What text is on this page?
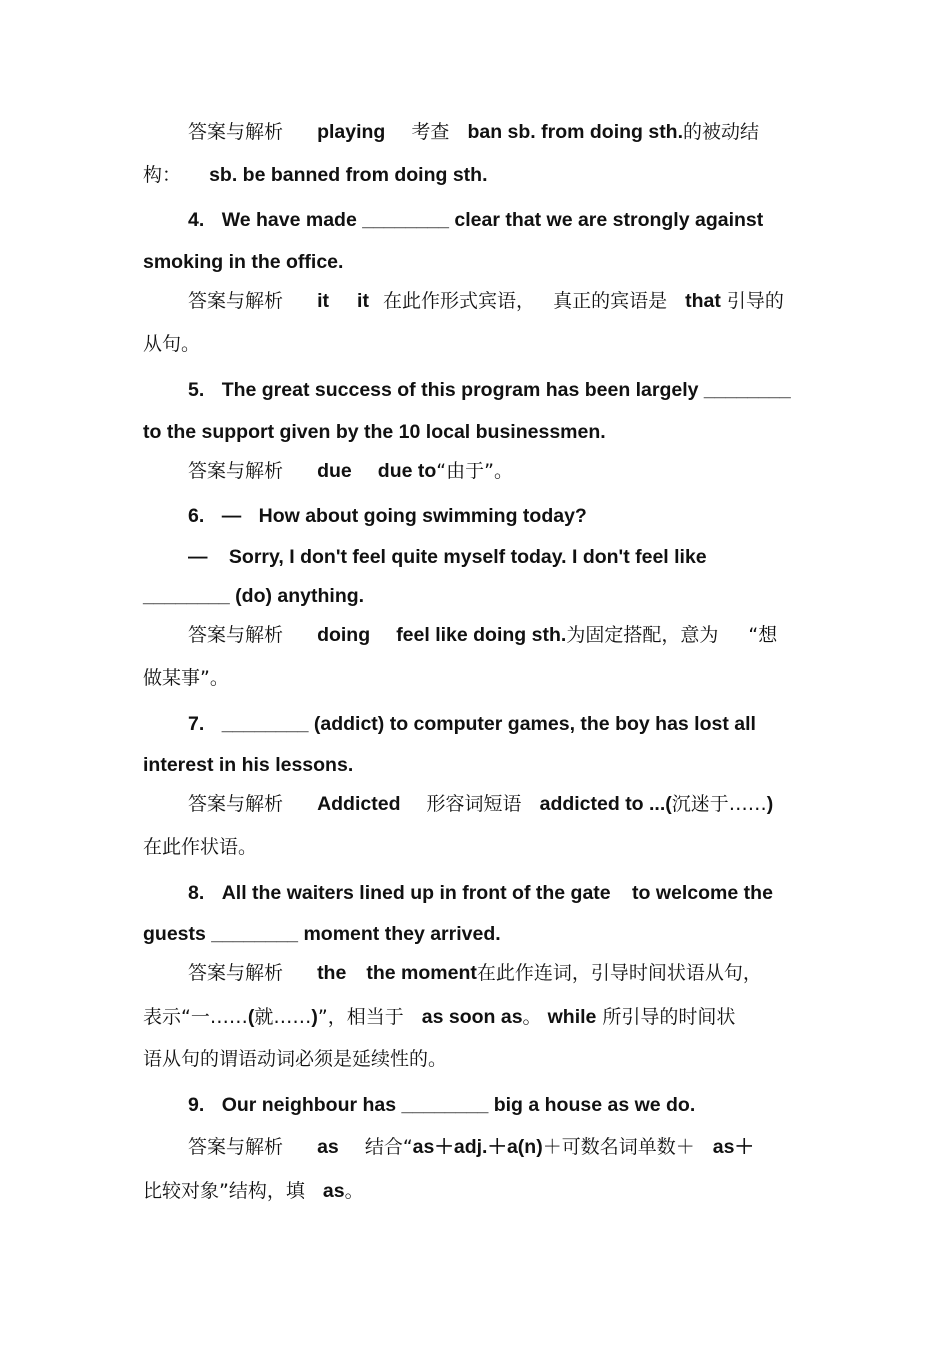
答案与解析 playing 考查 ban sb. from doing sth.的被动结
构： sb. be banned from doing sth.
4. We have made ________ clear that we are strongly against
smoking in the office.
答案与解析 it it 在此作形式宾语， 真正的宾语是 that 引导的
从句。
5. The great success of this program has been largely ________
to the support given by the 10 local businessmen.
答案与解析 due due to“由于”。
6. — How about going swimming today?
— Sorry, I don't feel quite myself today. I don't feel like
________ (do) anything.
答案与解析 doing feel like doing sth.为固定搭配，意为 “想
做某事”。
7. ________ (addict) to computer games, the boy has lost all
interest in his lessons.
答案与解析 Addicted 形容词短语 addicted to ...(沉迷于……)
在此作状语。
8. All the waiters lined up in front of the gate to welcome the
guests ________ moment they arrived.
答案与解析 the the moment在此作连词，引导时间状语从句，
表示“一……(就……)”，相当于 as soon as。 while 所引导的时间状
语从句的谓语动词必须是延续性的。
9. Our neighbour has ________ big a house as we do.
答案与解析 as 结合“as＋adj.＋a(n)＋可数名词单数＋ as＋
比较对象”结构，填 as。
